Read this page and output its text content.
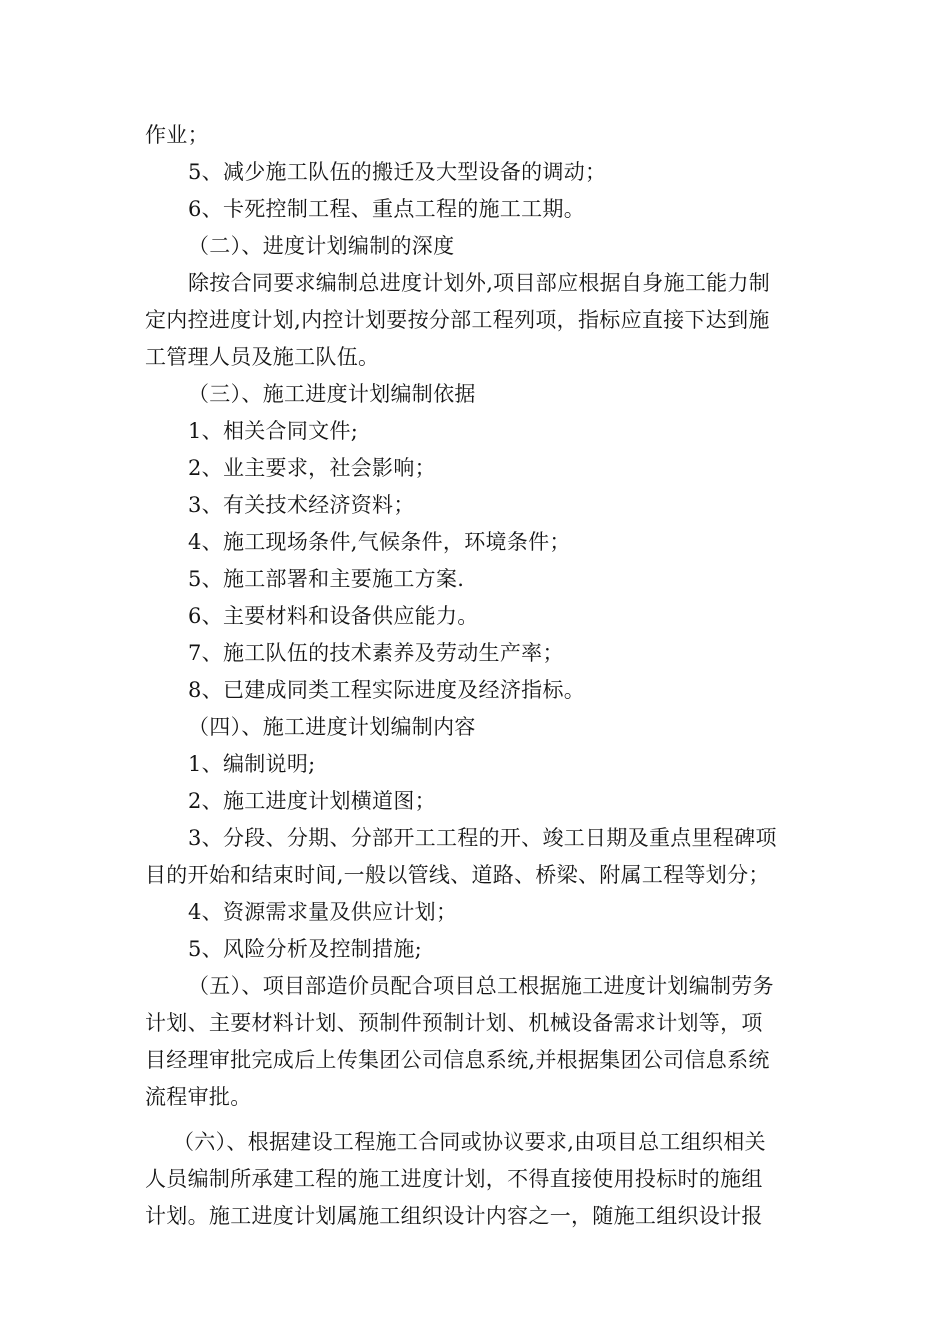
作业；
5、减少施工队伍的搬迁及大型设备的调动；
6、卡死控制工程、重点工程的施工工期。
（二）、进度计划编制的深度
除按合同要求编制总进度计划外,项目部应根据自身施工能力制
定内控进度计划,内控计划要按分部工程列项，指标应直接下达到施
工管理人员及施工队伍。
（三）、施工进度计划编制依据
1、相关合同文件;
2、业主要求，社会影响；
3、有关技术经济资料；
4、施工现场条件,气候条件，环境条件；
5、施工部署和主要施工方案.
6、主要材料和设备供应能力。
7、施工队伍的技术素养及劳动生产率；
8、已建成同类工程实际进度及经济指标。
（四）、施工进度计划编制内容
1、编制说明;
2、施工进度计划横道图；
3、分段、分期、分部开工工程的开、竣工日期及重点里程碑项
目的开始和结束时间,一般以管线、道路、桥梁、附属工程等划分；
4、资源需求量及供应计划；
5、风险分析及控制措施;
（五）、项目部造价员配合项目总工根据施工进度计划编制劳务
计划、主要材料计划、预制件预制计划、机械设备需求计划等，项
目经理审批完成后上传集团公司信息系统,并根据集团公司信息系统
流程审批。
（六）、根据建设工程施工合同或协议要求,由项目总工组织相关
人员编制所承建工程的施工进度计划，不得直接使用投标时的施组
计划。施工进度计划属施工组织设计内容之一，随施工组织设计报
